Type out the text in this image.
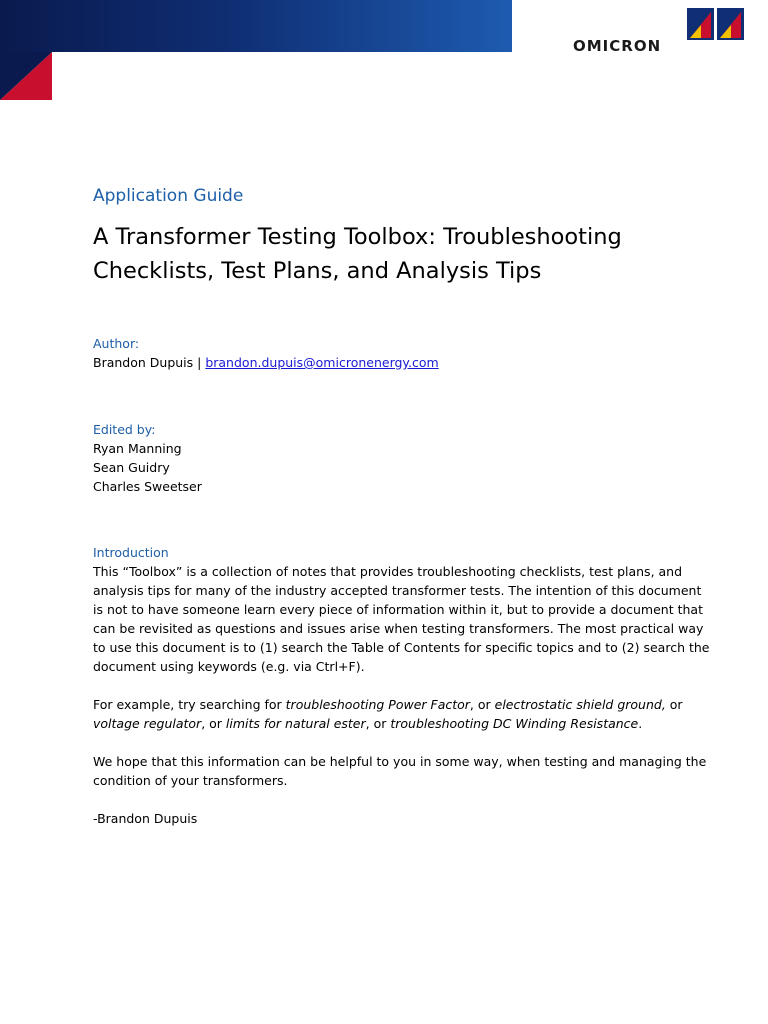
OMICRON
Application Guide
A Transformer Testing Toolbox: Troubleshooting
Checklists, Test Plans, and Analysis Tips
Author:
Brandon Dupuis | brandon.dupuis@omicronenergy.com
Edited by:
Ryan Manning
Sean Guidry
Charles Sweetser
Introduction
This “Toolbox” is a collection of notes that provides troubleshooting checklists, test plans, and
analysis tips for many of the industry accepted transformer tests. The intention of this document
is not to have someone learn every piece of information within it, but to provide a document that
can be revisited as questions and issues arise when testing transformers. The most practical way
to use this document is to (1) search the Table of Contents for specific topics and to (2) search the
document using keywords (e.g. via Ctrl+F).
For example, try searching for troubleshooting Power Factor, or electrostatic shield ground, or
voltage regulator, or limits for natural ester, or troubleshooting DC Winding Resistance.
We hope that this information can be helpful to you in some way, when testing and managing the
condition of your transformers.
-Brandon Dupuis
